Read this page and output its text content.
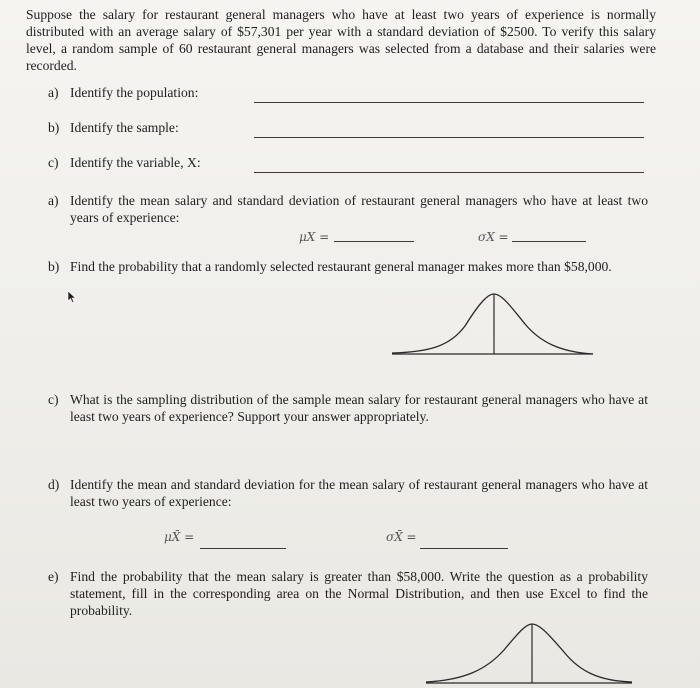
Suppose the salary for restaurant general managers who have at least two years of experience is normally distributed with an average salary of $57,301 per year with a standard deviation of $2500. To verify this salary level, a random sample of 60 restaurant general managers was selected from a database and their salaries were recorded.
a) Identify the population:
b) Identify the sample:
c) Identify the variable, X:
a) Identify the mean salary and standard deviation of restaurant general managers who have at least two years of experience:
μX =	σX =
b) Find the probability that a randomly selected restaurant general manager makes more than $58,000.
c) What is the sampling distribution of the sample mean salary for restaurant general managers who have at least two years of experience? Support your answer appropriately.
d) Identify the mean and standard deviation for the mean salary of restaurant general managers who have at least two years of experience:
μX̄ =	σX̄ =
e) Find the probability that the mean salary is greater than $58,000. Write the question as a probability statement, fill in the corresponding area on the Normal Distribution, and then use Excel to find the probability.
